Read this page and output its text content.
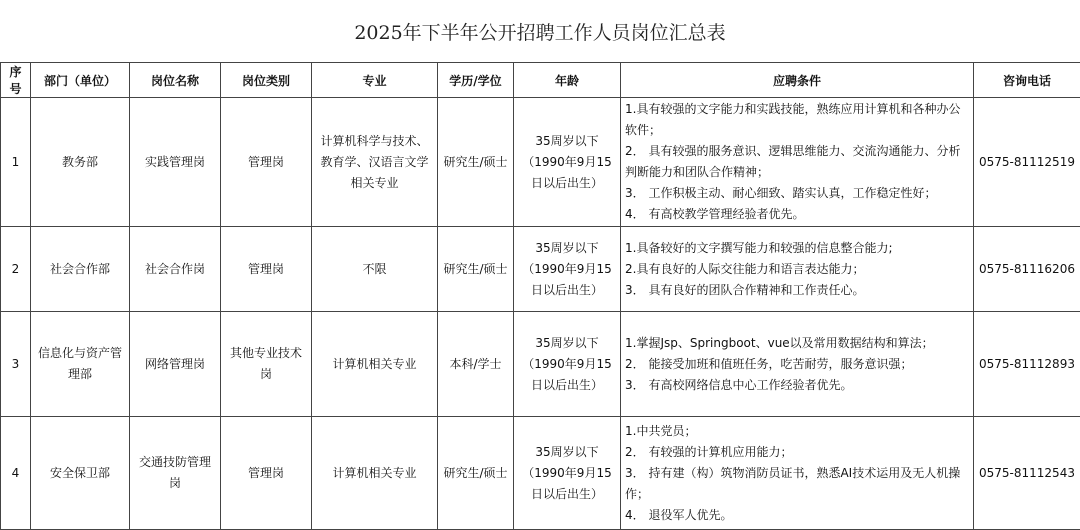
2025年下半年公开招聘工作人员岗位汇总表
序号	部门（单位）	岗位名称	岗位类别	专业	学历/学位	年龄	应聘条件	咨询电话
1	教务部	实践管理岗	管理岗	计算机科学与技术、教育学、汉语言文学相关专业	研究生/硕士	35周岁以下（1990年9月15日以后出生）	1.具有较强的文字能力和实践技能，熟练应用计算机和各种办公软件；
2． 具有较强的服务意识、逻辑思维能力、交流沟通能力、分析判断能力和团队合作精神；
3． 工作积极主动、耐心细致、踏实认真，工作稳定性好；
4． 有高校教学管理经验者优先。	0575-81112519
2	社会合作部	社会合作岗	管理岗	不限	研究生/硕士	35周岁以下（1990年9月15日以后出生）	1.具备较好的文字撰写能力和较强的信息整合能力;
2.具有良好的人际交往能力和语言表达能力；
3． 具有良好的团队合作精神和工作责任心。	0575-81116206
3	信息化与资产管理部	网络管理岗	其他专业技术岗	计算机相关专业	本科/学士	35周岁以下（1990年9月15日以后出生）	1.掌握Jsp、Springboot、vue以及常用数据结构和算法；
2． 能接受加班和值班任务，吃苦耐劳，服务意识强；
3． 有高校网络信息中心工作经验者优先。	0575-81112893
4	安全保卫部	交通技防管理岗	管理岗	计算机相关专业	研究生/硕士	35周岁以下（1990年9月15日以后出生）	1.中共党员；
2． 有较强的计算机应用能力；
3． 持有建（构）筑物消防员证书，熟悉AI技术运用及无人机操作；
4． 退役军人优先。	0575-81112543
